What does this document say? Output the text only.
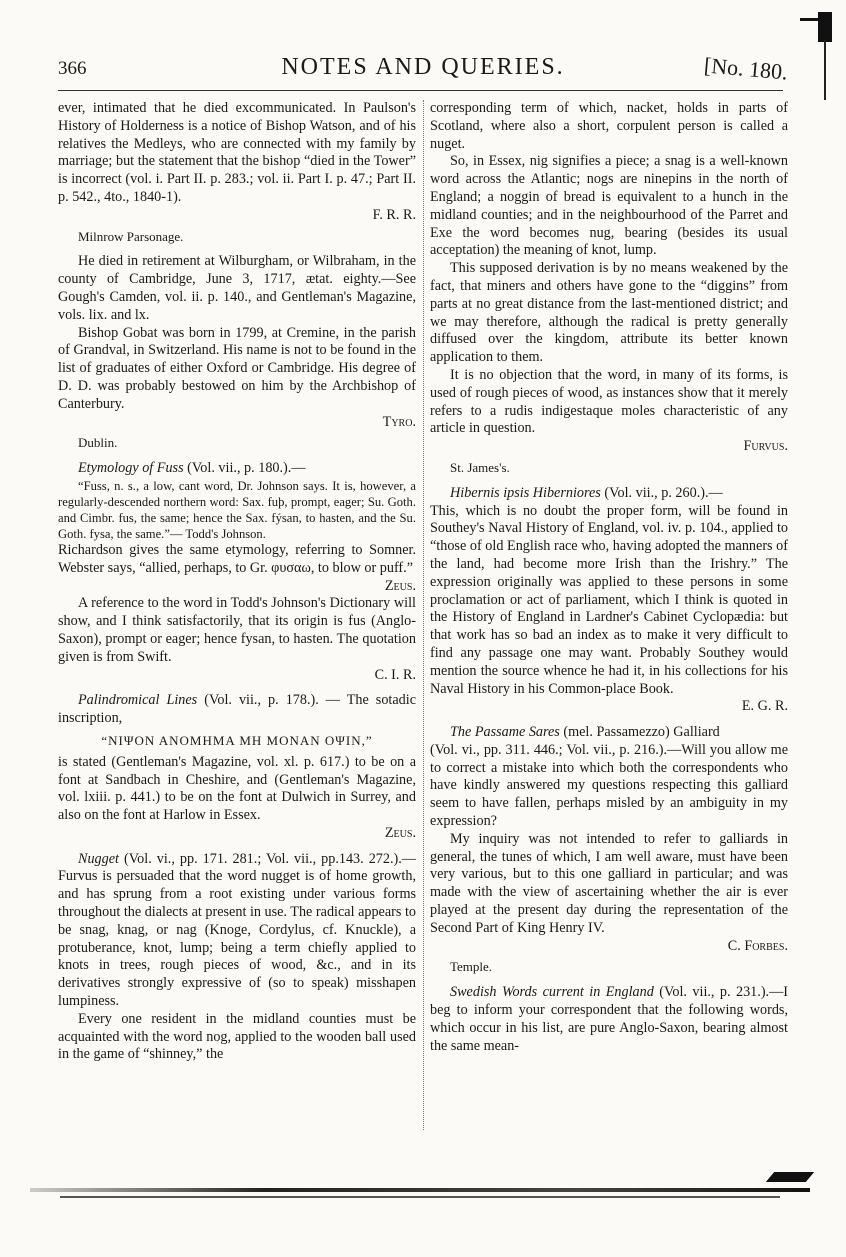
366	NOTES AND QUERIES.	[No. 180.

ever, intimated that he died excommunicated. In Paulson's History of Holderness is a notice of Bishop Watson, and of his relatives the Medleys, who are connected with my family by marriage; but the statement that the bishop “died in the Tower” is incorrect (vol. i. Part II. p. 283.; vol. ii. Part I. p. 47.; Part II. p. 542., 4to., 1840-1).

F. R. R.

Milnrow Parsonage.

He died in retirement at Wilburgham, or Wilbraham, in the county of Cambridge, June 3, 1717, ætat. eighty.—See Gough's Camden, vol. ii. p. 140., and Gentleman's Magazine, vols. lix. and lx.

Bishop Gobat was born in 1799, at Cremine, in the parish of Grandval, in Switzerland. His name is not to be found in the list of graduates of either Oxford or Cambridge. His degree of D. D. was probably bestowed on him by the Archbishop of Canterbury.

Tyro.

Dublin.

Etymology of Fuss (Vol. vii., p. 180.).—

“Fuss, n. s., a low, cant word, Dr. Johnson says. It is, however, a regularly-descended northern word: Sax. fuþ, prompt, eager; Su. Goth. and Cimbr. fus, the same; hence the Sax. fýsan, to hasten, and the Su. Goth. fysa, the same.”— Todd's Johnson.

Richardson gives the same etymology, referring to Somner. Webster says, “allied, perhaps, to Gr. φυσαω, to blow or puff.”

Zeus.

A reference to the word in Todd's Johnson's Dictionary will show, and I think satisfactorily, that its origin is fus (Anglo-Saxon), prompt or eager; hence fysan, to hasten. The quotation given is from Swift.

C. I. R.

Palindromical Lines (Vol. vii., p. 178.). — The sotadic inscription,

“NIΨON ANOMHMA MH MONAN OΨIN,”

is stated (Gentleman's Magazine, vol. xl. p. 617.) to be on a font at Sandbach in Cheshire, and (Gentleman's Magazine, vol. lxiii. p. 441.) to be on the font at Dulwich in Surrey, and also on the font at Harlow in Essex.

Zeus.

Nugget (Vol. vi., pp. 171. 281.; Vol. vii., pp.143. 272.).—Furvus is persuaded that the word nugget is of home growth, and has sprung from a root existing under various forms throughout the dialects at present in use. The radical appears to be snag, knag, or nag (Knoge, Cordylus, cf. Knuckle), a protuberance, knot, lump; being a term chiefly applied to knots in trees, rough pieces of wood, &c., and in its derivatives strongly expressive of (so to speak) misshapen lumpiness.

Every one resident in the midland counties must be acquainted with the word nog, applied to the wooden ball used in the game of “shinney,” the

corresponding term of which, nacket, holds in parts of Scotland, where also a short, corpulent person is called a nuget.

So, in Essex, nig signifies a piece; a snag is a well-known word across the Atlantic; nogs are ninepins in the north of England; a noggin of bread is equivalent to a hunch in the midland counties; and in the neighbourhood of the Parret and Exe the word becomes nug, bearing (besides its usual acceptation) the meaning of knot, lump.

This supposed derivation is by no means weakened by the fact, that miners and others have gone to the “diggins” from parts at no great distance from the last-mentioned district; and we may therefore, although the radical is pretty generally diffused over the kingdom, attribute its better known application to them.

It is no objection that the word, in many of its forms, is used of rough pieces of wood, as instances show that it merely refers to a rudis indigestaque moles characteristic of any article in question.

Furvus.

St. James's.

Hibernis ipsis Hiberniores (Vol. vii., p. 260.).—

This, which is no doubt the proper form, will be found in Southey's Naval History of England, vol. iv. p. 104., applied to “those of old English race who, having adopted the manners of the land, had become more Irish than the Irishry.” The expression originally was applied to these persons in some proclamation or act of parliament, which I think is quoted in the History of England in Lardner's Cabinet Cyclopædia: but that work has so bad an index as to make it very difficult to find any passage one may want. Probably Southey would mention the source whence he had it, in his collections for his Naval History in his Common-place Book.

E. G. R.

The Passame Sares (mel. Passamezzo) Galliard

(Vol. vi., pp. 311. 446.; Vol. vii., p. 216.).—Will you allow me to correct a mistake into which both the correspondents who have kindly answered my questions respecting this galliard seem to have fallen, perhaps misled by an ambiguity in my expression?

My inquiry was not intended to refer to galliards in general, the tunes of which, I am well aware, must have been very various, but to this one galliard in particular; and was made with the view of ascertaining whether the air is ever played at the present day during the representation of the Second Part of King Henry IV.

C. Forbes.

Temple.

Swedish Words current in England (Vol. vii., p. 231.).—I beg to inform your correspondent that the following words, which occur in his list, are pure Anglo-Saxon, bearing almost the same mean-
